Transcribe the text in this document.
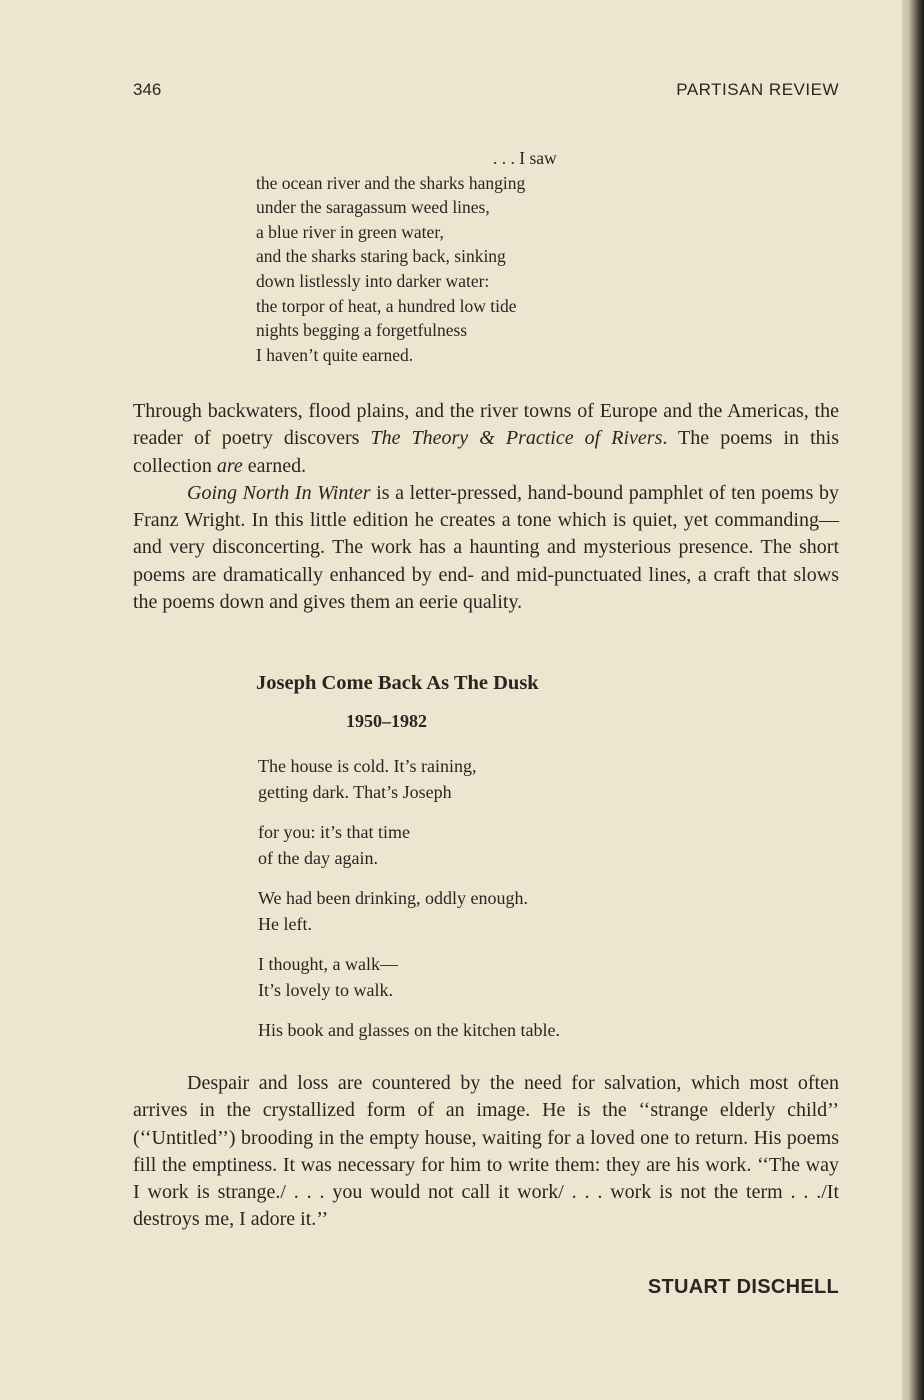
346	PARTISAN REVIEW
. . . I saw
the ocean river and the sharks hanging
under the saragassum weed lines,
a blue river in green water,
and the sharks staring back, sinking
down listlessly into darker water:
the torpor of heat, a hundred low tide
nights begging a forgetfulness
I haven’t quite earned.

Through backwaters, flood plains, and the river towns of Europe and the Americas, the reader of poetry discovers The Theory & Practice of Rivers. The poems in this collection are earned.

Going North In Winter is a letter-pressed, hand-bound pamphlet of ten poems by Franz Wright. In this little edition he creates a tone which is quiet, yet commanding—and very disconcerting. The work has a haunting and mysterious presence. The short poems are dramatically enhanced by end- and mid-punctuated lines, a craft that slows the poems down and gives them an eerie quality.

Joseph Come Back As The Dusk
1950–1982
The house is cold. It’s raining,
getting dark. That’s Joseph
for you: it’s that time
of the day again.
We had been drinking, oddly enough.
He left.
I thought, a walk—
It’s lovely to walk.
His book and glasses on the kitchen table.

Despair and loss are countered by the need for salvation, which most often arrives in the crystallized form of an image. He is the ‘‘strange elderly child’’ (‘‘Untitled’’) brooding in the empty house, waiting for a loved one to return. His poems fill the emptiness. It was necessary for him to write them: they are his work. ‘‘The way I work is strange./ . . . you would not call it work/ . . . work is not the term . . ./It destroys me, I adore it.’’

STUART DISCHELL
